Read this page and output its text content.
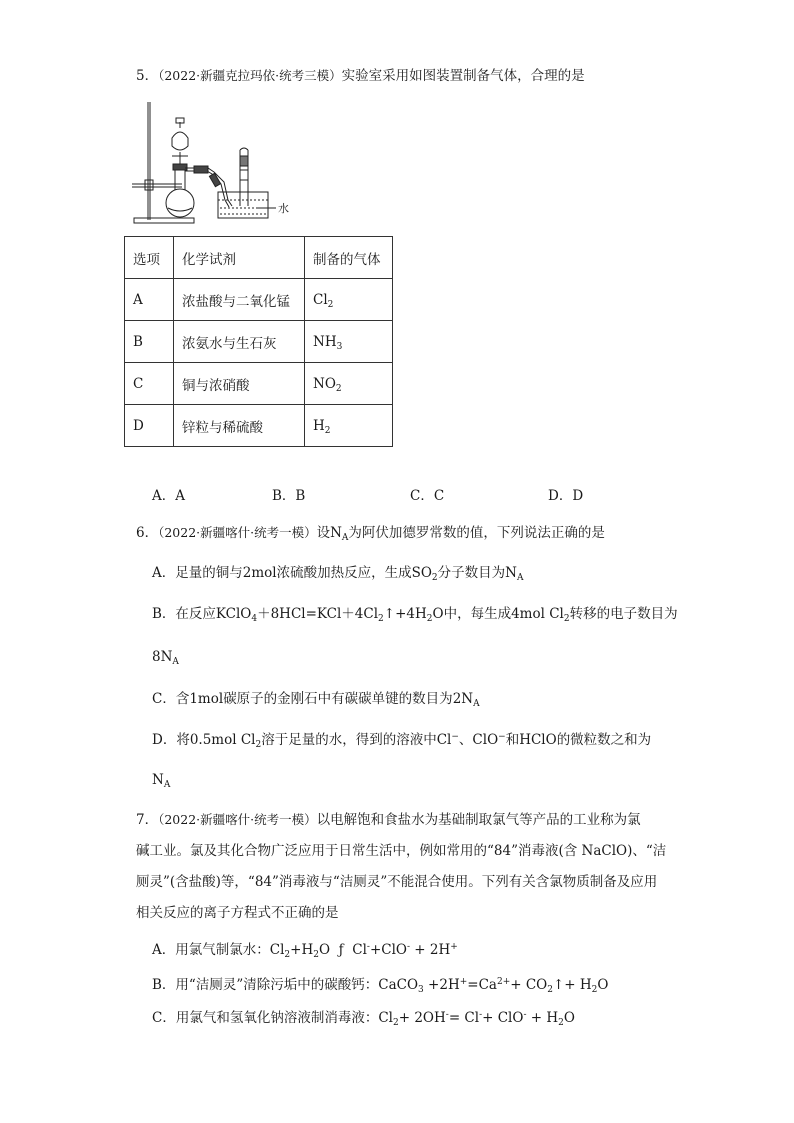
5．（2022·新疆克拉玛依·统考三模）实验室采用如图装置制备气体，合理的是
水
选项	化学试剂	制备的气体
A	浓盐酸与二氧化锰	$Cl_2$
B	浓氨水与生石灰	$NH_3$
C	铜与浓硝酸	$NO_2$
D	锌粒与稀硫酸	$H_2$
A．A	B．B	C．C	D．D
6．（2022·新疆喀什·统考一模）设$N_A$为阿伏加德罗常数的值，下列说法正确的是
A．足量的铜与2mol浓硫酸加热反应，生成$SO_2$分子数目为$N_A$
B．在反应$KClO_4+8HCl=KCl+4Cl_2↑+4H_2O$中，每生成4mol $Cl_2$转移的电子数目为
$8N_A$
C．含1mol碳原子的金刚石中有碳碳单键的数目为$2N_A$
D．将0.5mol $Cl_2$溶于足量的水，得到的溶液中Cl−、ClO−和HClO的微粒数之和为
$N_A$
7．（2022·新疆喀什·统考一模）以电解饱和食盐水为基础制取氯气等产品的工业称为氯
碱工业。氯及其化合物广泛应用于日常生活中，例如常用的“84”消毒液(含 NaClO)、“洁
厕灵”(含盐酸)等，“84”消毒液与“洁厕灵”不能混合使用。下列有关含氯物质制备及应用
相关反应的离子方程式不正确的是
A．用氯气制氯水：$Cl_2+H_2O$ ƒ Cl-+ClO- + 2H+
B．用“洁厕灵”清除污垢中的碳酸钙：CaCO$_3$ $+2H^+=Ca^{2+}+$ $CO_2↑+ H_2O$
C．用氯气和氢氧化钠溶液制消毒液：$Cl_2+ 2OH^-= Cl^-+ ClO^- + H_2O$
